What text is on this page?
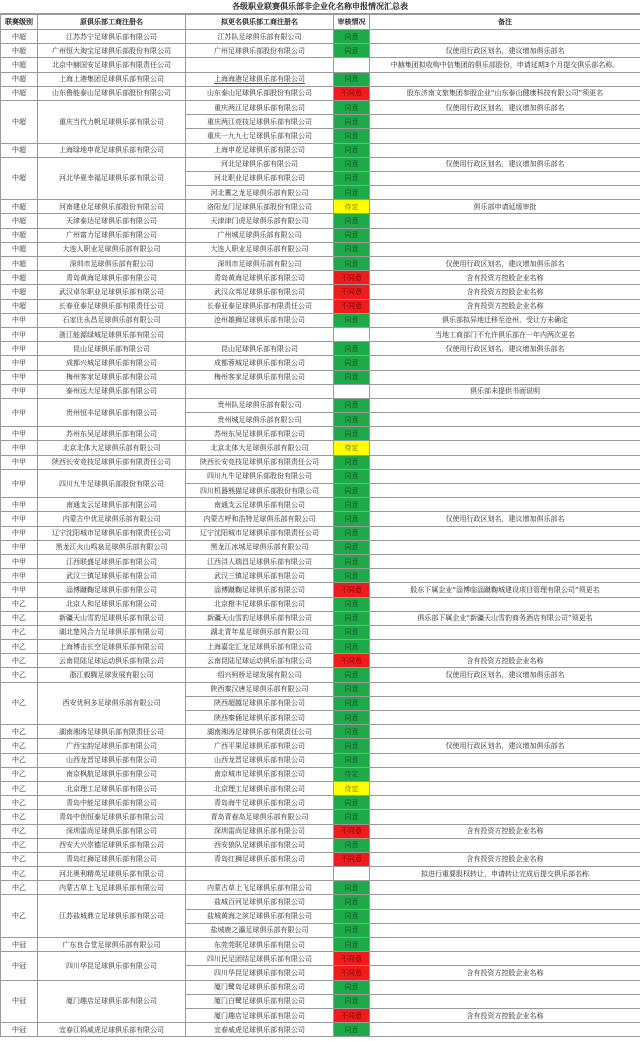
各级职业联赛俱乐部非企业化名称申报情况汇总表
联赛级别	原俱乐部工商注册名	拟更名俱乐部工商注册名	审核情况	备注
中超	江苏苏宁足球俱乐部有限公司	江苏队足球俱乐部有限公司	同意	
中超	广州恒大淘宝足球俱乐部股份有限公司	广州足球俱乐部股份有限公司	同意	仅使用行政区划名，建议增加俱乐部名
中超	北京中赫国安足球俱乐部有限责任公司			中赫集团拟收购中信集团的俱乐部股份，申请延期3个月提交俱乐部名称。
中超	上海上港集团足球俱乐部有限公司	上海海港足球俱乐部有限公司	同意	
中超	山东鲁能泰山足球俱乐部股份有限公司	山东泰山足球俱乐部股份有限公司	不同意	股东济南文旅集团参股企业“山东泰山健康科技有限公司”须更名
中超	重庆当代力帆足球俱乐部有限公司	重庆两江足球俱乐部有限公司	同意	仅使用行政区划名，建议增加俱乐部名
		重庆两江竞技足球俱乐部有限公司	同意	
		重庆一九九七足球俱乐部有限公司	同意	
中超	上海绿地申花足球俱乐部有限公司	上海申花足球俱乐部有限公司	同意	
中超	河北华夏幸福足球俱乐部有限公司	河北足球俱乐部有限公司	同意	仅使用行政区划名，建议增加俱乐部名
		河北职业足球俱乐部有限公司	同意	
		河北冀之龙足球俱乐部有限公司	同意	
中超	河南建业足球俱乐部股份有限公司	洛阳龙门足球俱乐部股份有限公司	待定	俱乐部申请延缓审批
中超	天津泰达足球俱乐部有限公司	天津津门虎足球俱乐部有限公司	同意	
中超	广州富力足球俱乐部有限公司	广州城足球俱乐部有限公司	同意	
中超	大连人职业足球俱乐部有限公司	大连人职业足球俱乐部有限公司	同意	
中超	深圳市足球俱乐部有限公司	深圳市足球俱乐部有限公司	同意	仅使用行政区划名，建议增加俱乐部名
中超	青岛黄海足球俱乐部有限公司	青岛黄海足球俱乐部有限公司	不同意	含有投资方控股企业名称
中超	武汉卓尔职业足球俱乐部有限公司	武汉众邦足球俱乐部有限公司	不同意	含有投资方控股企业名称
中超	长春亚泰足球俱乐部有限责任公司	长春亚泰足球俱乐部有限责任公司	不同意	含有投资方控股企业名称
中甲	石家庄永昌足球俱乐部有限公司	沧州雄狮足球俱乐部有限公司	同意	俱乐部拟异地迁移至沧州，受让方未确定
中甲	浙江能源绿城足球俱乐部有限公司			当地工商部门不允许俱乐部在一年内两次更名
中甲	昆山足球俱乐部有限公司	昆山足球俱乐部有限公司	同意	仅使用行政区划名，建议增加俱乐部名
中甲	成都兴城足球俱乐部有限公司	成都蓉城足球俱乐部有限公司	同意	
中甲	梅州客家足球俱乐部有限公司	梅州客家足球俱乐部有限公司	同意	
中甲	泰州远大足球俱乐部有限公司			俱乐部未提供书面说明
中甲	贵州恒丰足球俱乐部有限公司	贵州队足球俱乐部有限公司	同意	
		贵州城足球俱乐部有限公司	同意	
中甲	苏州东吴足球俱乐部有限公司	苏州东吴足球俱乐部有限公司	同意	
中甲	北京北体大足球俱乐部有限公司	北京北体大足球俱乐部有限公司	待定	
中甲	陕西长安竞技足球俱乐部有限责任公司	陕西长安竞技足球俱乐部有限责任公司	同意	
中甲	四川九牛足球俱乐部股份有限公司	四川九牛足球俱乐部股份有限公司	同意	
		四川机器熊猫足球俱乐部股份有限公司	同意	
中甲	南通支云足球俱乐部有限公司	南通支云足球俱乐部有限公司	同意	
中甲	内蒙古中优足球俱乐部有限公司	内蒙古呼和浩特足球俱乐部有限公司	同意	仅使用行政区划名，建议增加俱乐部名
中甲	辽宁沈阳城市足球俱乐部有限责任公司	辽宁沈阳城市足球俱乐部有限责任公司	同意	
中甲	黑龙江火山鸣泉足球俱乐部有限公司	黑龙江冰城足球俱乐部有限公司	同意	
中甲	江西联盛足球俱乐部有限公司	江西浔人瑞昌足球俱乐部有限公司	同意	
中甲	武汉三镇足球俱乐部有限公司	武汉三镇足球俱乐部有限公司	同意	
中甲	淄博蹴鞠足球俱乐部有限公司	淄博蹴鞠足球俱乐部有限公司	不同意	股东下属企业“淄博临淄蹴鞠城建设项目管理有限公司”须更名
中乙	北京人和足球俱乐部有限公司	北京橙丰足球俱乐部有限公司	同意	
中乙	新疆天山雪豹足球俱乐部有限公司	新疆天山雪豹足球俱乐部有限公司	同意	俱乐部下属企业“新疆天山雪豹商务酒店有限公司”须更名
中乙	湖北楚风合力足球俱乐部有限公司	湖北青年星足球俱乐部有限公司	同意	
中乙	上海博击长空足球俱乐部有限公司	上海嘉定汇龙足球俱乐部有限公司	同意	
中乙	云南昆陆足球运动俱乐部有限公司	云南昆陆足球运动俱乐部有限公司	不同意	含有投资方控股企业名称
中乙	浙江毅腾足球发展有限公司	绍兴柯桥足球发展有限公司	同意	仅使用行政区划名，建议增加俱乐部名
中乙	西安优柯多足球俱乐部有限公司	陕西秦汉唐足球俱乐部有限公司	同意	
		陕西超越足球俱乐部有限公司	同意	
		陕西秦俑足球俱乐部有限公司	同意	
中乙	湖南湘涛足球俱乐部有限责任公司	湖南湘涛足球俱乐部有限责任公司	同意	
中乙	广西宝韵足球俱乐部有限公司	广西平果足球俱乐部有限公司	同意	仅使用行政区划名，建议增加俱乐部名
中乙	山西龙晋足球俱乐部有限公司	山西龙晋足球俱乐部有限公司	同意	
中乙	南京枫航足球俱乐部有限公司	南京城市足球俱乐部有限公司	待定	
中乙	北京理工足球俱乐部有限公司	北京理工足球俱乐部有限公司	待定	
中乙	青岛中能足球俱乐部有限公司	青岛海牛足球俱乐部有限公司	同意	
中乙	青岛中创恒泰足球俱乐部有限公司	青岛青春岛足球俱乐部有限公司	同意	
中乙	深圳雷尚足球俱乐部有限公司	深圳雷尚足球俱乐部有限公司	不同意	含有投资方控股企业名称
中乙	西安大兴崇德足球俱乐部有限公司	西安狼队足球俱乐部有限公司	同意	
中乙	青岛红狮足球俱乐部有限公司	青岛红狮足球俱乐部有限公司	不同意	含有投资方控股企业名称
中乙	河北奥利精英足球俱乐部有限公司			拟进行重要股权转让，申请转让完成后提交俱乐部名称
中乙	内蒙古草上飞足球俱乐部有限公司	内蒙古草上飞足球俱乐部有限公司	同意	
中乙	江苏盐城鼎立足球俱乐部有限公司	盐城百河足球俱乐部有限公司	同意	
		盐城黄海之滨足球俱乐部有限公司	同意	
		盐城鹿之瀛足球俱乐部有限公司	同意	
中冠	广东良合堂足球俱乐部有限公司	东莞莞联足球俱乐部有限公司	同意	
中冠	四川华昆足球俱乐部有限公司	四川民足团结足球俱乐部有限公司	不同意	
		四川华昆足球俱乐部有限公司	不同意	含有投资方控股企业名称
中冠	厦门趣店足球俱乐部有限公司	厦门鹭岛足球俱乐部有限公司	同意	
		厦门白鹭足球俱乐部有限公司	同意	
		厦门趣店足球俱乐部有限公司	不同意	含有投资方控股企业名称
中冠	宜春江钨威虎足球俱乐部有限公司	宜春威虎足球俱乐部有限公司	同意	
